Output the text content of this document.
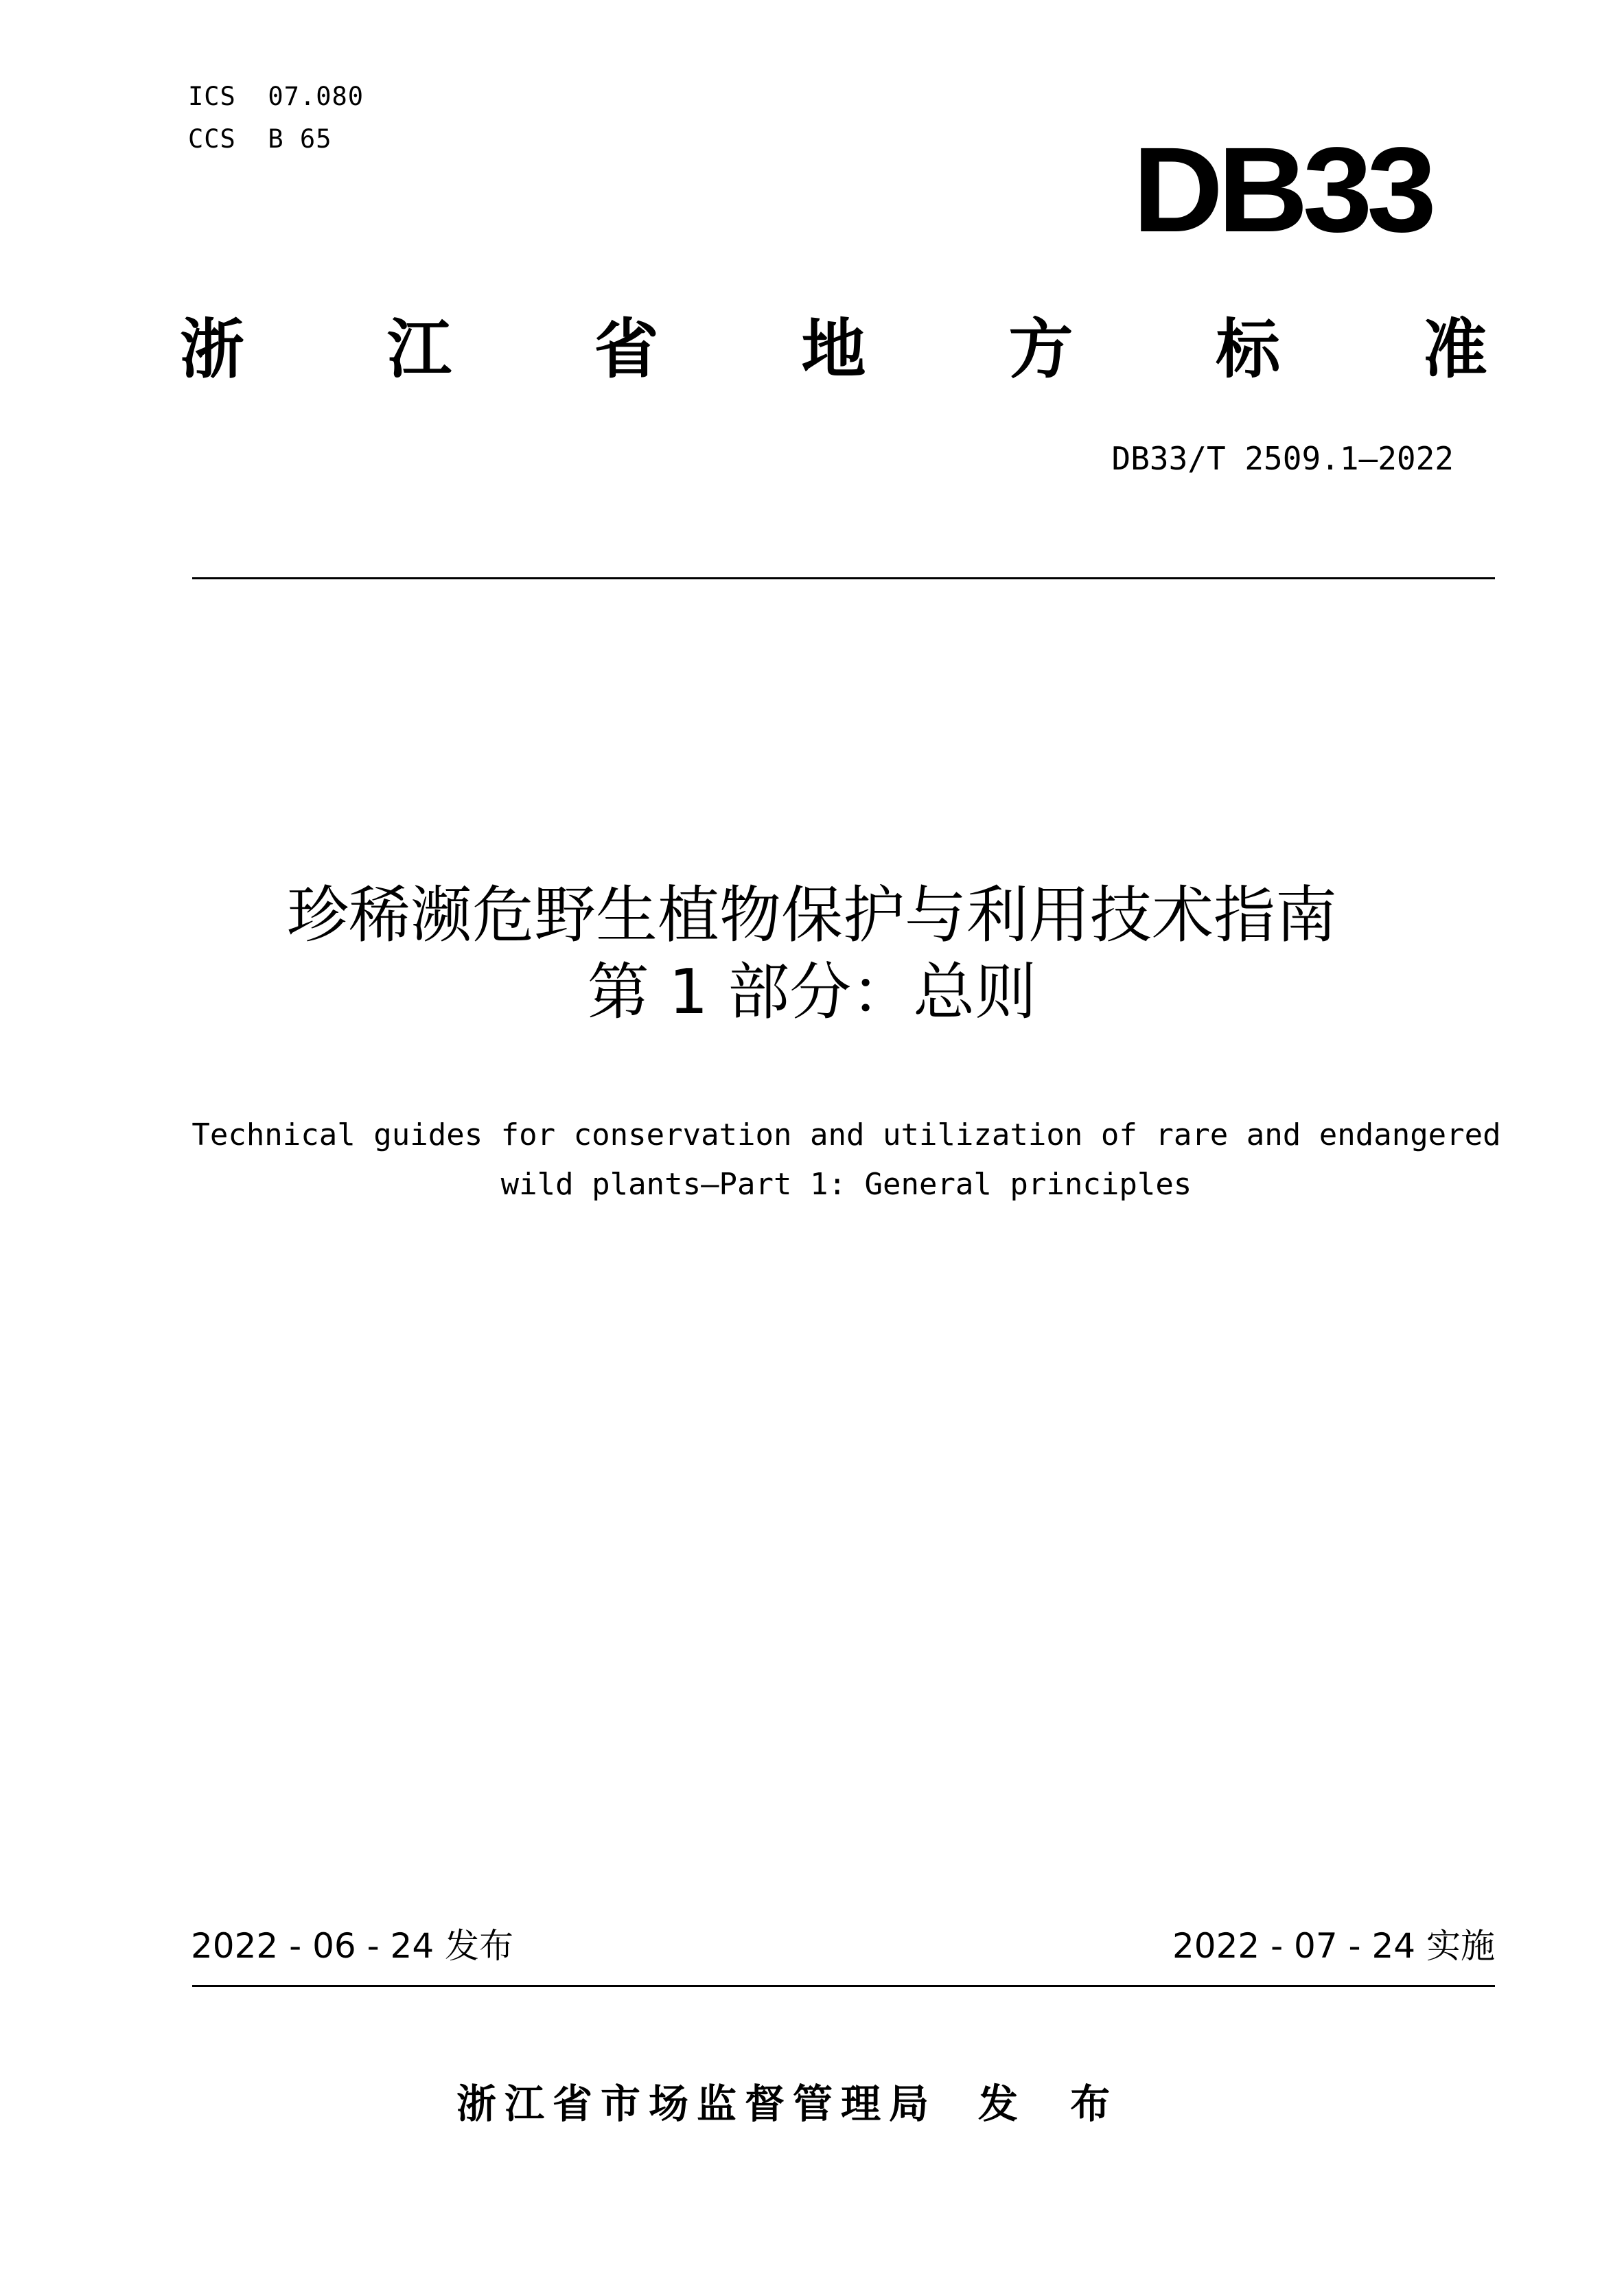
ICS  07.080
CCS  B 65	DB33
浙 江 省 地 方 标 准
DB33/T 2509.1—2022
珍稀濒危野生植物保护与利用技术指南
第 1 部分：总则
Technical guides for conservation and utilization of rare and endangered
wild plants—Part 1: General principles
2022 - 06 - 24 发布	2022 - 07 - 24 实施
浙江省市场监督管理局 发 布
